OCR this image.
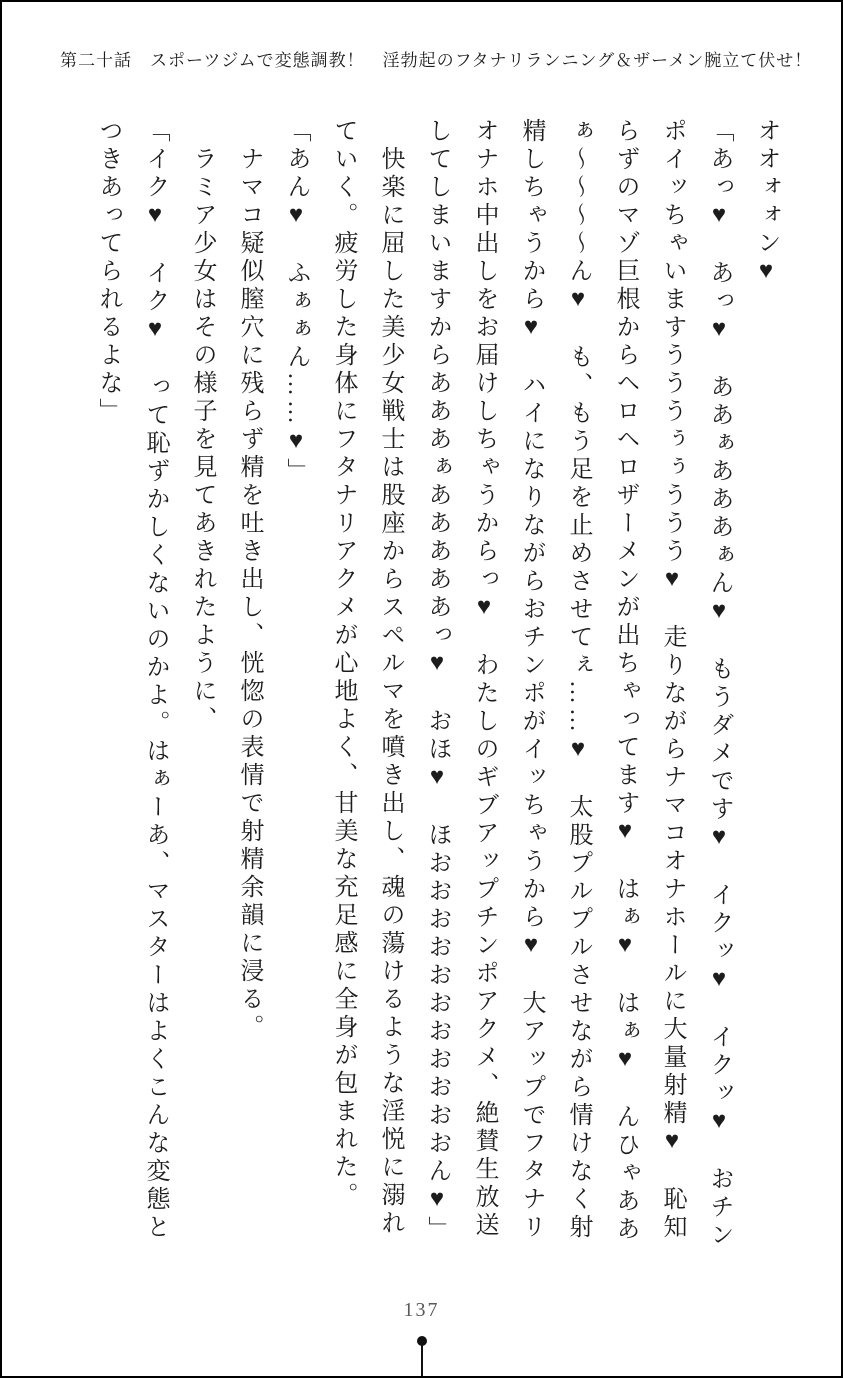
第二十話　スポーツジムで変態調教！　淫勃起のフタナリランニング＆ザーメン腕立て伏せ！

オオォォン♥

「あっ♥　あっ♥　ああぁあああぁん♥　もうダメです♥　イクッ♥　イクッ♥　おチンポイッちゃいますうううぅぅううう♥　走りながらナマコオナホールに大量射精♥　恥知らずのマゾ巨根からヘロヘロザーメンが出ちゃってます♥　はぁ♥　はぁ♥　んひゃああぁ～～～～ん♥　も、もう足を止めさせてぇ……♥　太股プルプルさせながら情けなく射精しちゃうから♥　ハイになりながらおチンポがイッちゃうから♥　大アップでフタナリオナホ中出しをお届けしちゃうからっ♥　わたしのギブアップチンポアクメ、絶賛生放送してしまいますからあああぁあああああっ♥　おほ♥　ほおおおおおおおおおおおん♥」

　快楽に屈した美少女戦士は股座からスペルマを噴き出し、魂の蕩けるような淫悦に溺れていく。疲労した身体にフタナリアクメが心地よく、甘美な充足感に全身が包まれた。

「あん♥　ふぁぁん……♥」

　ナマコ疑似膣穴に残らず精を吐き出し、恍惚の表情で射精余韻に浸る。

　ラミア少女はその様子を見てあきれたように、

「イク♥　イク♥　って恥ずかしくないのかよ。はぁーあ、マスターはよくこんな変態とつきあってられるよな」

137
